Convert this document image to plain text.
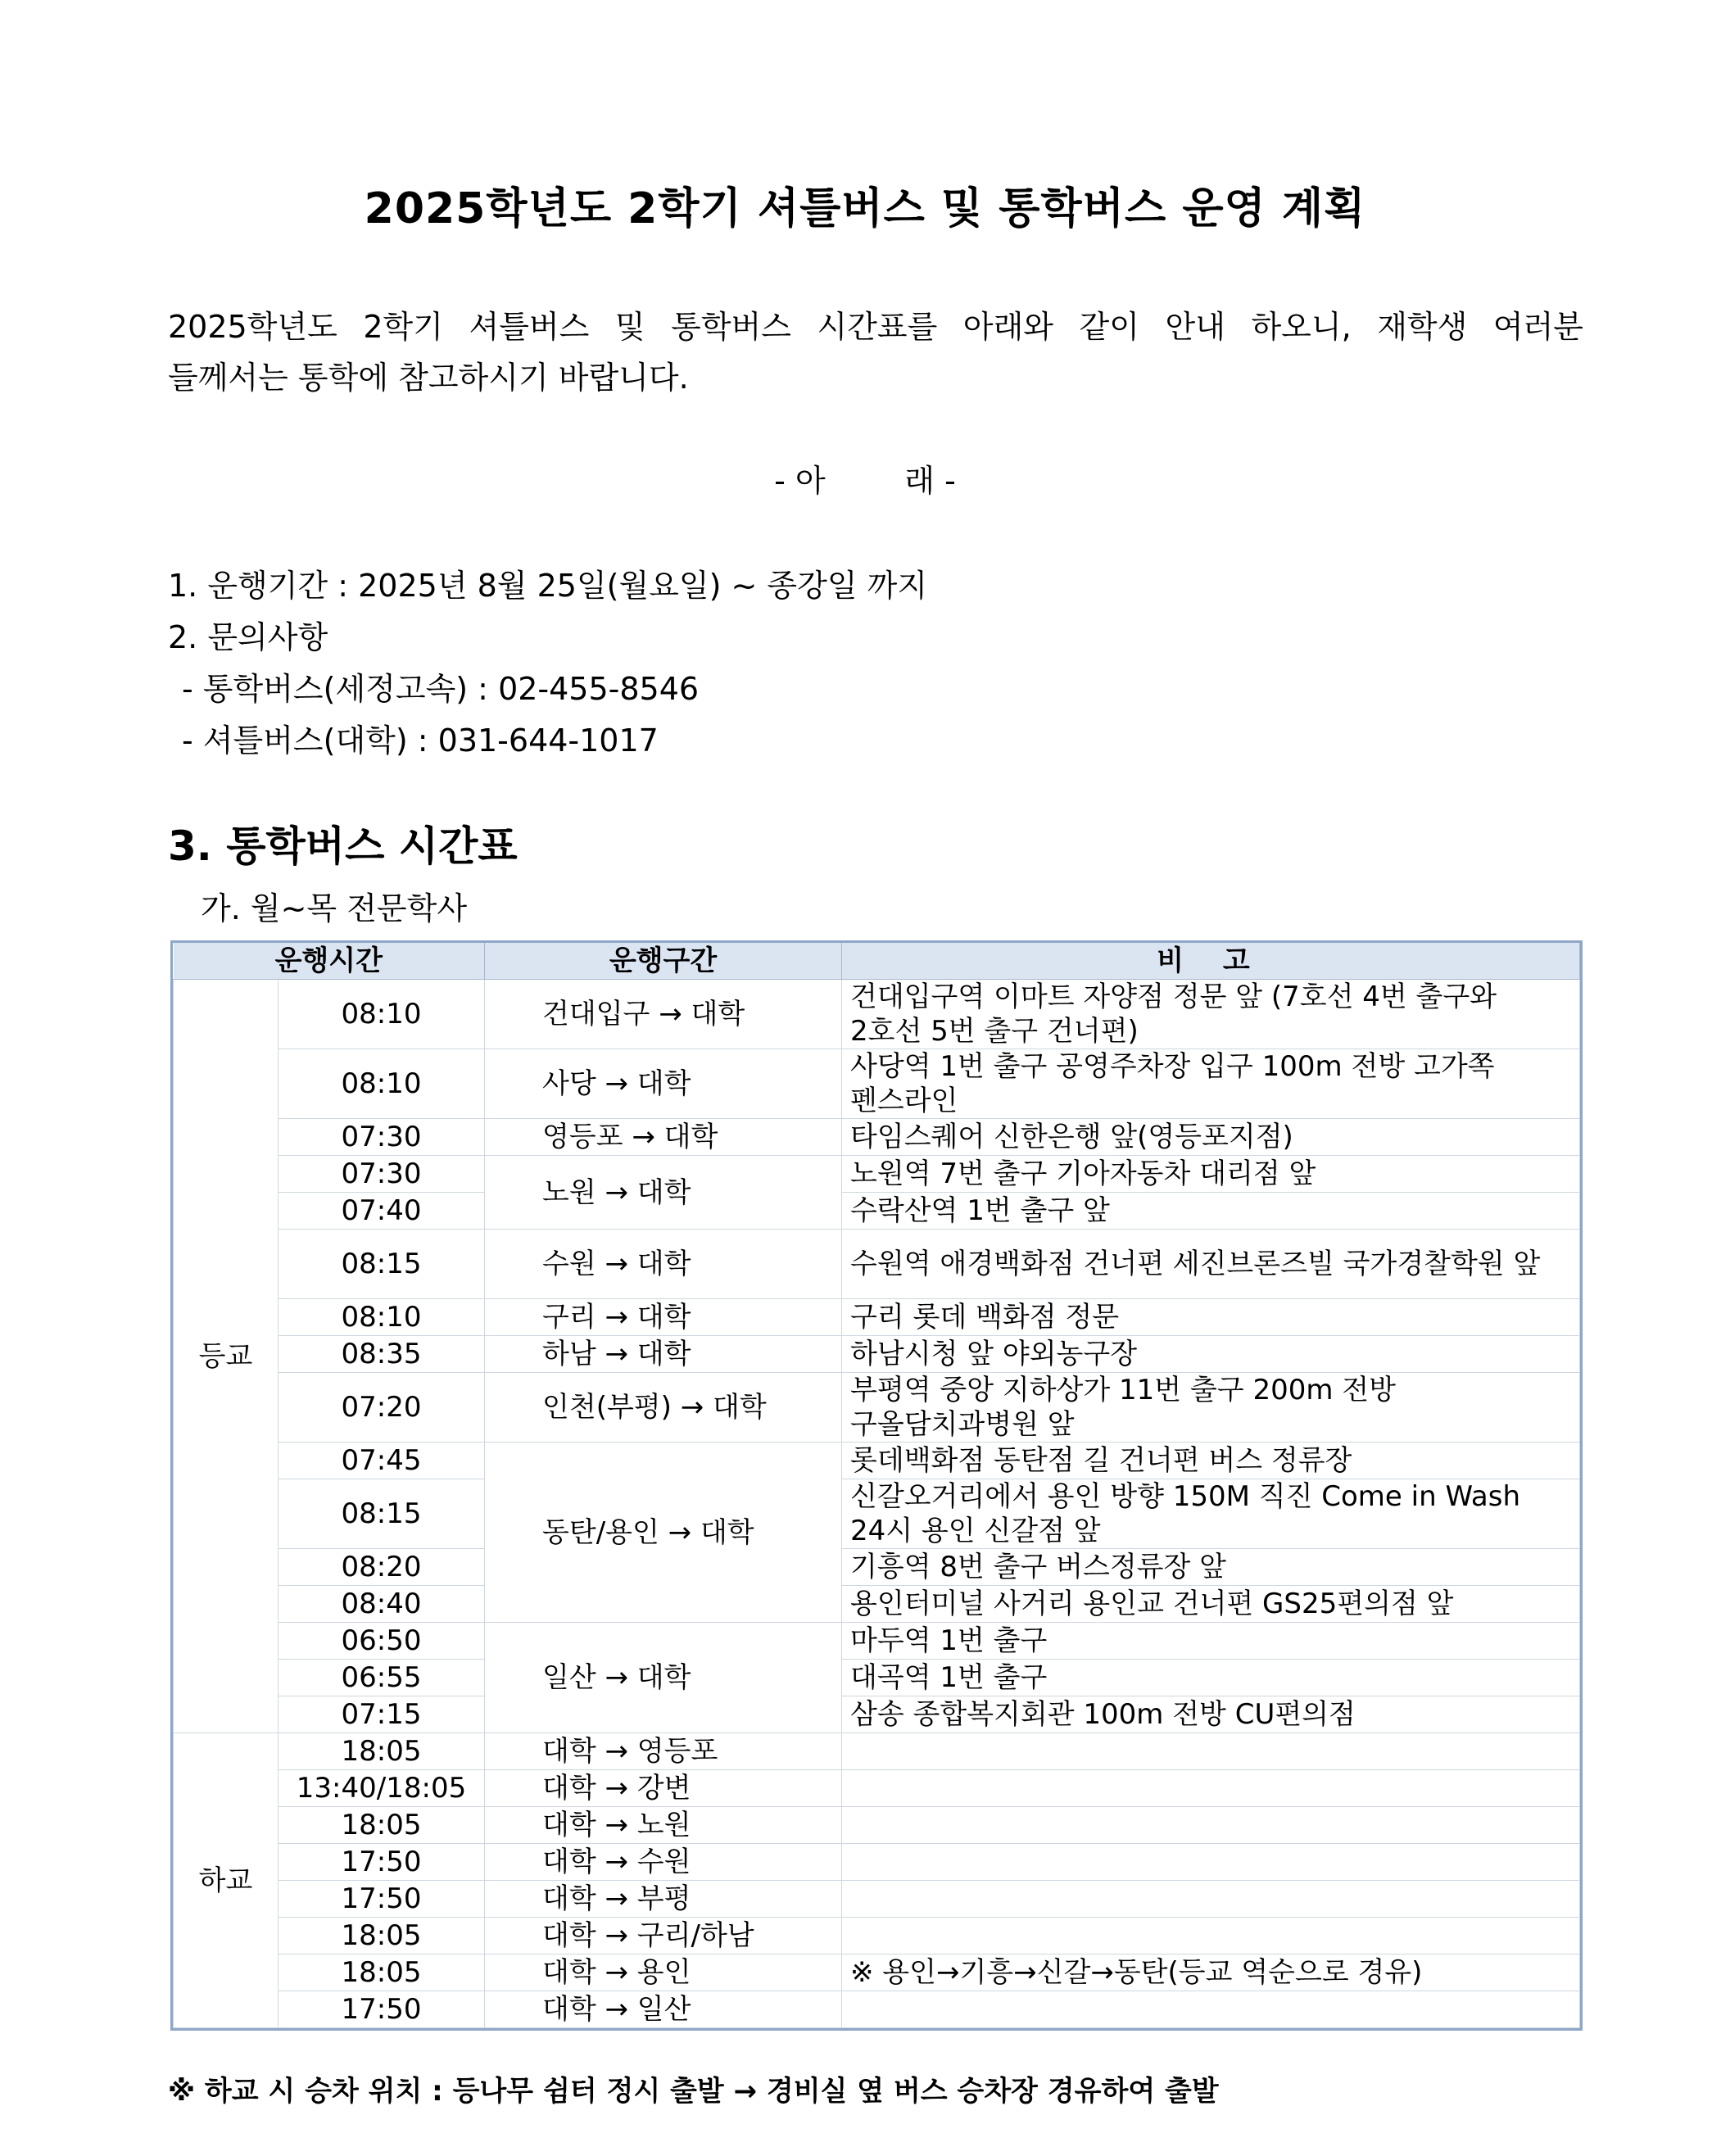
2025학년도 2학기 셔틀버스 및 통학버스 운영 계획
2025학년도 2학기 셔틀버스 및 통학버스 시간표를 아래와 같이 안내 하오니, 재학생 여러분
들께서는 통학에 참고하시기 바랍니다.
- 아        래 -
1. 운행기간 : 2025년 8월 25일(월요일) ~ 종강일 까지
2. 문의사항
- 통학버스(세정고속) : 02-455-8546
- 셔틀버스(대학) : 031-644-1017
3. 통학버스 시간표
가. 월~목 전문학사
운행시간		운행구간	비 고
등교	08:10	건대입구 → 대학	건대입구역 이마트 자양점 정문 앞 (7호선 4번 출구와 2호선 5번 출구 건너편)
	08:10	사당 → 대학	사당역 1번 출구 공영주차장 입구 100m 전방 고가쪽 펜스라인
	07:30	영등포 → 대학	타임스퀘어 신한은행 앞(영등포지점)
	07:30	노원 → 대학	노원역 7번 출구 기아자동차 대리점 앞
	07:40		수락산역 1번 출구 앞
	08:15	수원 → 대학	수원역 애경백화점 건너편 세진브론즈빌 국가경찰학원 앞
	08:10	구리 → 대학	구리 롯데 백화점 정문
	08:35	하남 → 대학	하남시청 앞 야외농구장
	07:20	인천(부평) → 대학	부평역 중앙 지하상가 11번 출구 200m 전방 구올담치과병원 앞
	07:45	동탄/용인 → 대학	롯데백화점 동탄점 길 건너편 버스 정류장
	08:15		신갈오거리에서 용인 방향 150M 직진 Come in Wash 24시 용인 신갈점 앞
	08:20		기흥역 8번 출구 버스정류장 앞
	08:40		용인터미널 사거리 용인교 건너편 GS25편의점 앞
	06:50	일산 → 대학	마두역 1번 출구
	06:55		대곡역 1번 출구
	07:15		삼송 종합복지회관 100m 전방 CU편의점
하교	18:05	대학 → 영등포	
	13:40/18:05	대학 → 강변	
	18:05	대학 → 노원	
	17:50	대학 → 수원	
	17:50	대학 → 부평	
	18:05	대학 → 구리/하남	
	18:05	대학 → 용인	※ 용인→기흥→신갈→동탄(등교 역순으로 경유)
	17:50	대학 → 일산	
※ 하교 시 승차 위치 : 등나무 쉼터 정시 출발 → 경비실 옆 버스 승차장 경유하여 출발
